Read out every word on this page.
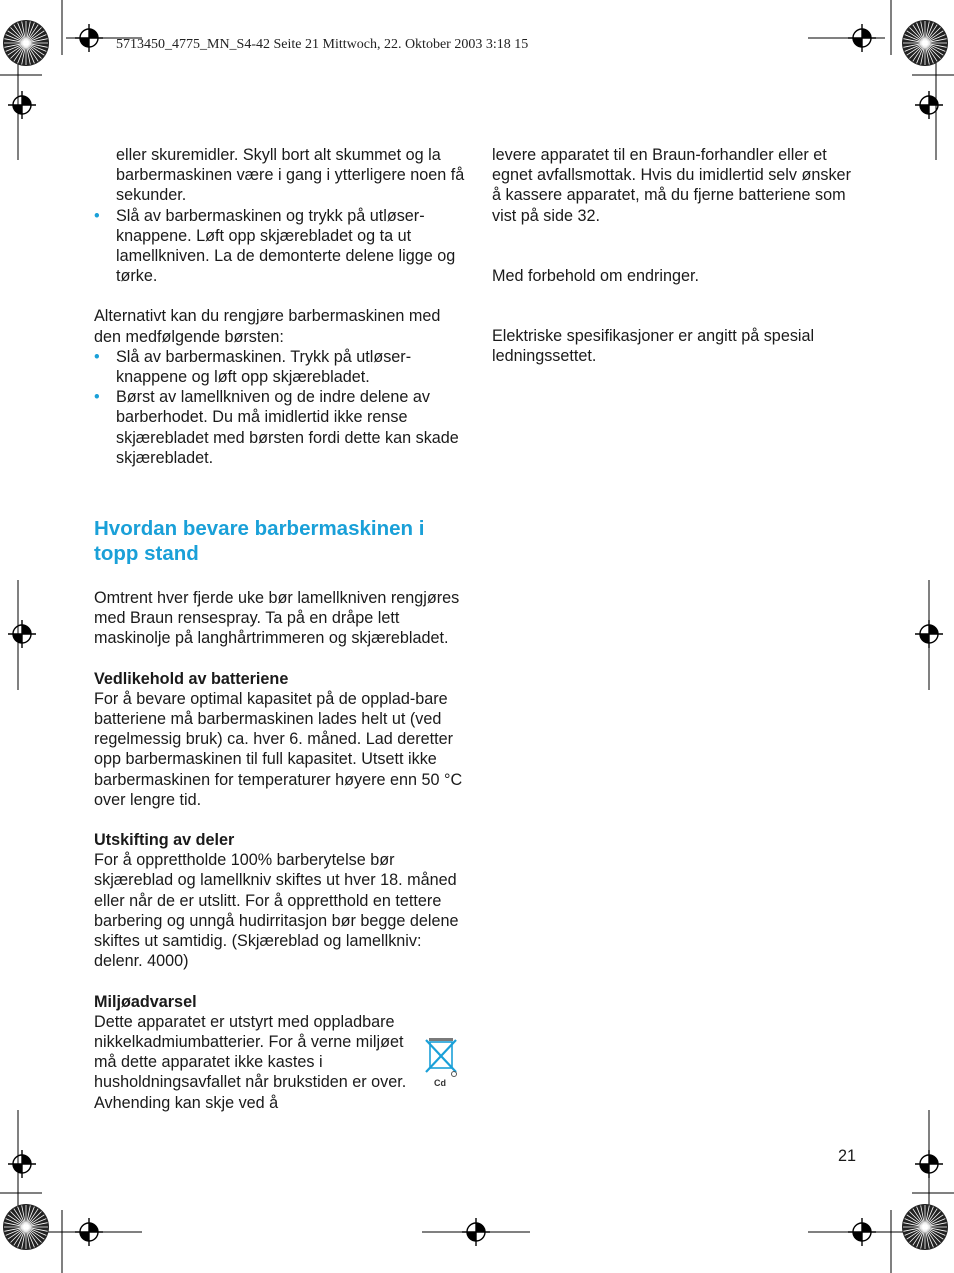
5713450_4775_MN_S4-42 Seite 21 Mittwoch, 22. Oktober 2003 3:18 15

eller skuremidler. Skyll bort alt skummet og la barbermaskinen være i gang i ytterligere noen få sekunder.

• Slå av barbermaskinen og trykk på utløser-knappene. Løft opp skjærebladet og ta ut lamellkniven. La de demonterte delene ligge og tørke.

Alternativt kan du rengjøre barbermaskinen med den medfølgende børsten:

• Slå av barbermaskinen. Trykk på utløser-knappene og løft opp skjærebladet.

• Børst av lamellkniven og de indre delene av barberhodet. Du må imidlertid ikke rense skjærebladet med børsten fordi dette kan skade skjærebladet.

Hvordan bevare barbermaskinen i topp stand

Omtrent hver fjerde uke bør lamellkniven rengjøres med Braun rensespray. Ta på en dråpe lett maskinolje på langhårtrimmeren og skjærebladet.

Vedlikehold av batteriene

For å bevare optimal kapasitet på de opplad-bare batteriene må barbermaskinen lades helt ut (ved regelmessig bruk) ca. hver 6. måned. Lad deretter opp barbermaskinen til full kapasitet. Utsett ikke barbermaskinen for temperaturer høyere enn 50 °C over lengre tid.

Utskifting av deler

For å opprettholde 100% barberytelse bør skjæreblad og lamellkniv skiftes ut hver 18. måned eller når de er utslitt. For å oppretthold en tettere barbering og unngå hudirritasjon bør begge delene skiftes ut samtidig. (Skjæreblad og lamellkniv: delenr. 4000)

Miljøadvarsel

Dette apparatet er utstyrt med oppladbare nikkelkadmiumbatterier. For å verne miljøet må dette apparatet ikke kastes i husholdningsavfallet når brukstiden er over. Avhending kan skje ved å

Cd

levere apparatet til en Braun-forhandler eller et egnet avfallsmottak. Hvis du imidlertid selv ønsker å kassere apparatet, må du fjerne batteriene som vist på side 32.

Med forbehold om endringer.

Elektriske spesifikasjoner er angitt på spesial ledningssettet.

21
